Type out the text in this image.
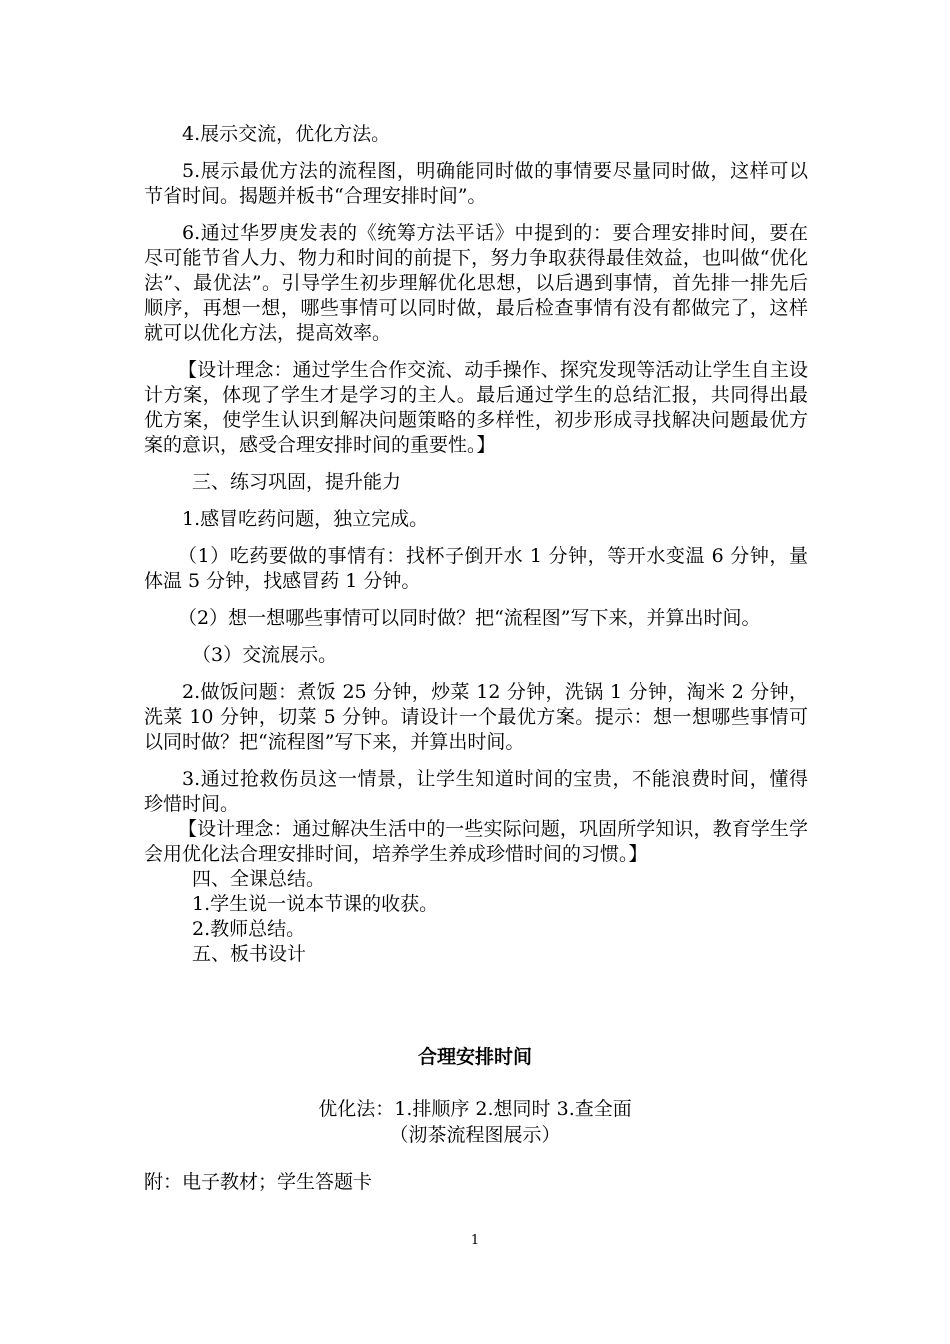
4.展示交流，优化方法。

5.展示最优方法的流程图，明确能同时做的事情要尽量同时做，这样可以节省时间。揭题并板书“合理安排时间”。

6.通过华罗庚发表的《统筹方法平话》中提到的：要合理安排时间，要在尽可能节省人力、物力和时间的前提下，努力争取获得最佳效益，也叫做“优化法”、最优法”。引导学生初步理解优化思想，以后遇到事情，首先排一排先后顺序，再想一想，哪些事情可以同时做，最后检查事情有没有都做完了，这样就可以优化方法，提高效率。

【设计理念：通过学生合作交流、动手操作、探究发现等活动让学生自主设计方案，体现了学生才是学习的主人。最后通过学生的总结汇报，共同得出最优方案，使学生认识到解决问题策略的多样性，初步形成寻找解决问题最优方案的意识，感受合理安排时间的重要性。】

三、练习巩固，提升能力

1.感冒吃药问题，独立完成。

（1）吃药要做的事情有：找杯子倒开水 1 分钟，等开水变温 6 分钟，量体温 5 分钟，找感冒药 1 分钟。

（2）想一想哪些事情可以同时做？把“流程图”写下来，并算出时间。

（3）交流展示。

2.做饭问题：煮饭 25 分钟，炒菜 12 分钟，洗锅 1 分钟，淘米 2 分钟，洗菜 10 分钟，切菜 5 分钟。请设计一个最优方案。提示：想一想哪些事情可以同时做？把“流程图”写下来，并算出时间。

3.通过抢救伤员这一情景，让学生知道时间的宝贵，不能浪费时间，懂得珍惜时间。

【设计理念：通过解决生活中的一些实际问题，巩固所学知识，教育学生学会用优化法合理安排时间，培养学生养成珍惜时间的习惯。】

四、全课总结。

1.学生说一说本节课的收获。

2.教师总结。

五、板书设计

合理安排时间
优化法：1.排顺序 2.想同时 3.查全面
（沏茶流程图展示）
附：电子教材；学生答题卡
1
